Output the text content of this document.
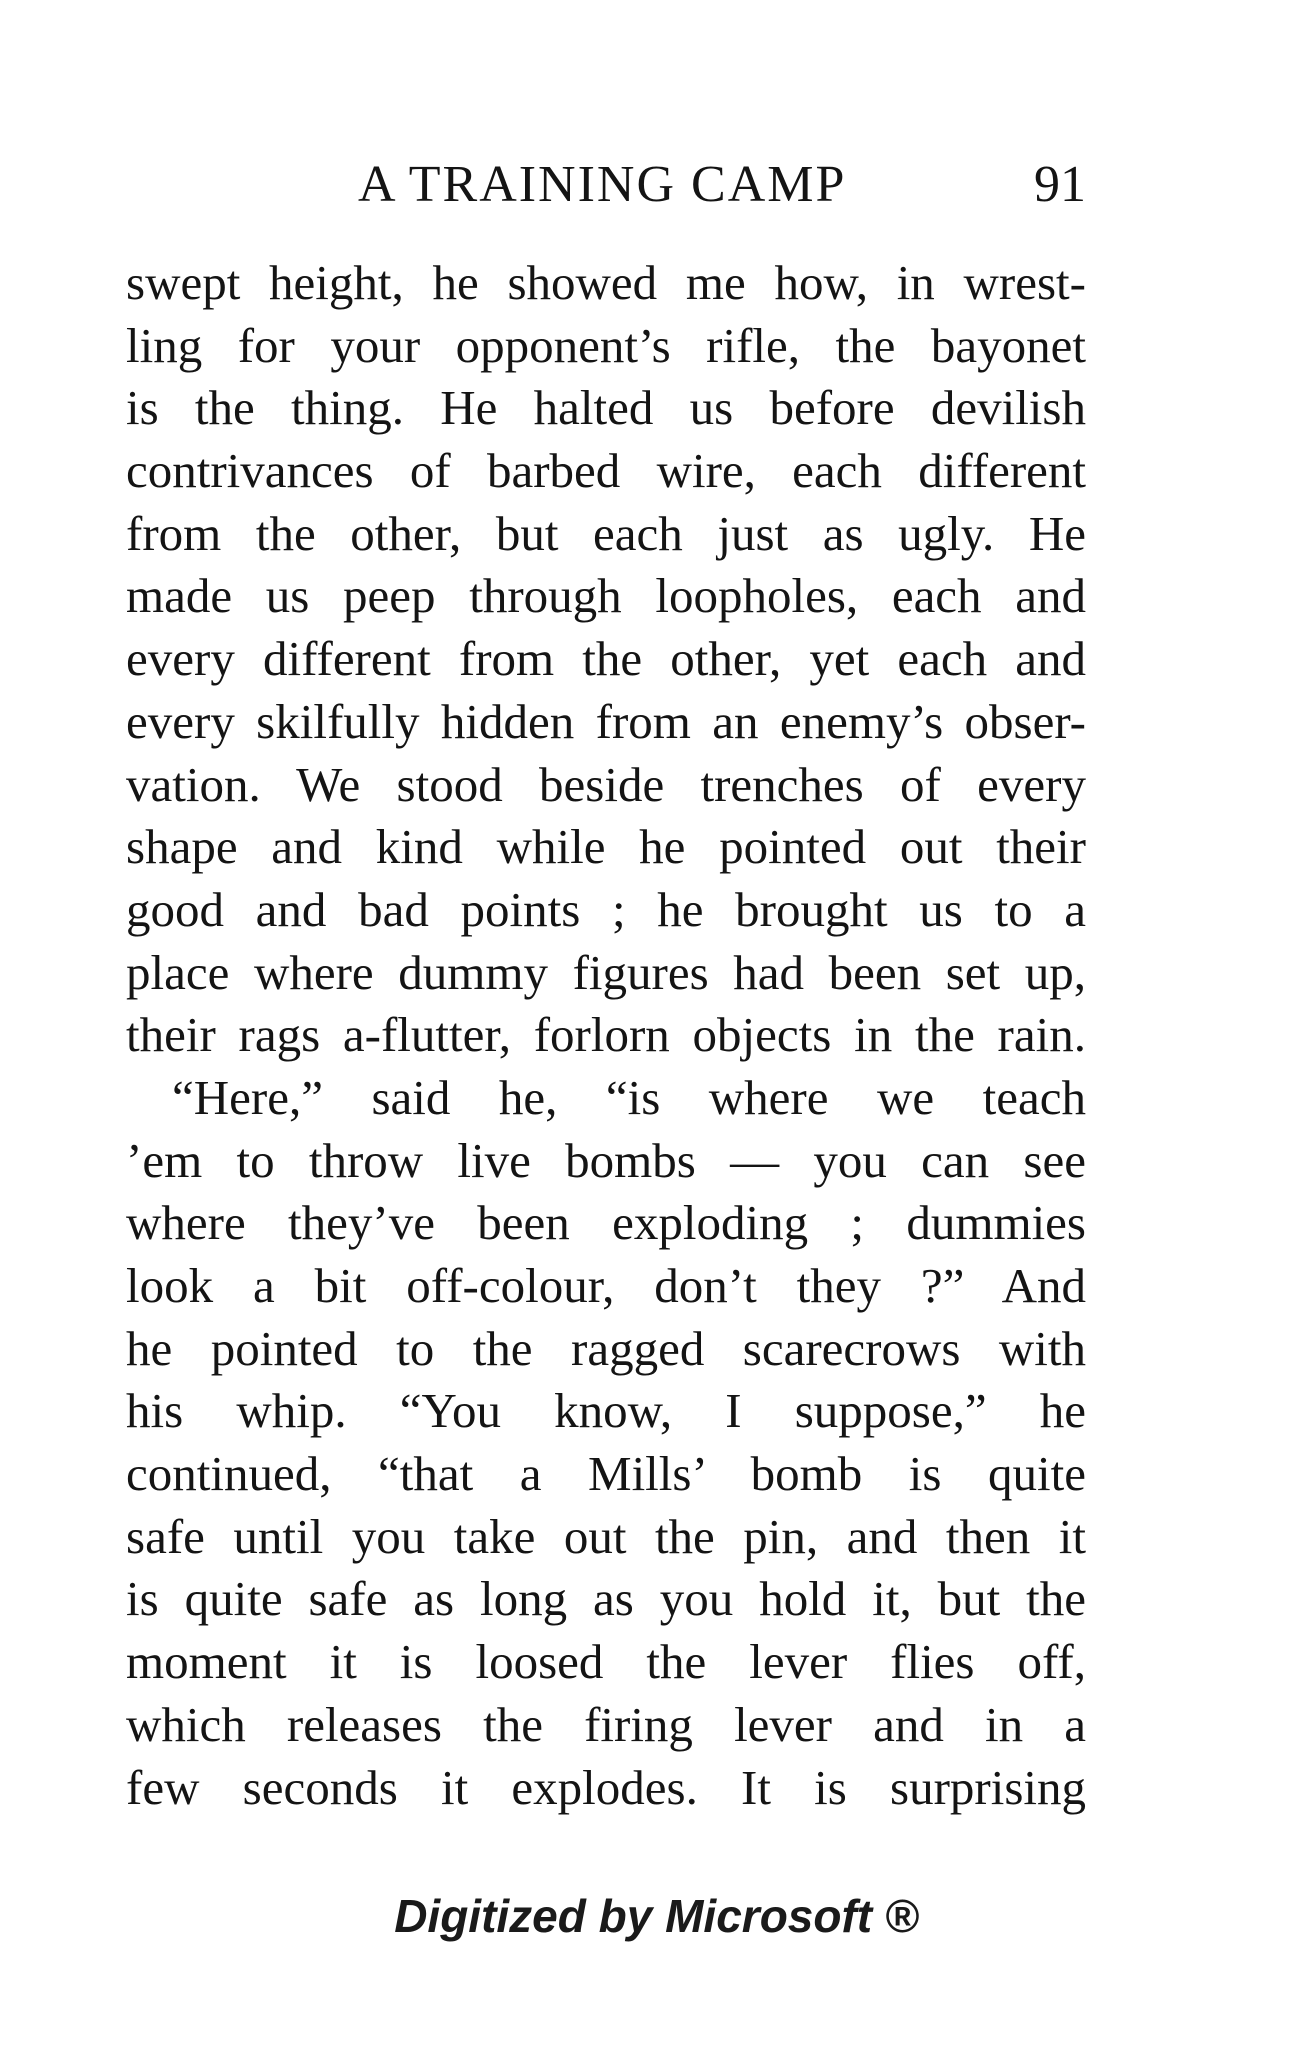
A TRAINING CAMP	91
swept height, he showed me how, in wrest-
ling for your opponent’s rifle, the bayonet
is the thing. He halted us before devilish
contrivances of barbed wire, each different
from the other, but each just as ugly. He
made us peep through loopholes, each and
every different from the other, yet each and
every skilfully hidden from an enemy’s obser-
vation. We stood beside trenches of every
shape and kind while he pointed out their
good and bad points ; he brought us to a
place where dummy figures had been set up,
their rags a-flutter, forlorn objects in the rain.
“Here,” said he, “is where we teach
’em to throw live bombs — you can see
where they’ve been exploding ; dummies
look a bit off-colour, don’t they ?” And
he pointed to the ragged scarecrows with
his whip. “You know, I suppose,” he
continued, “that a Mills’ bomb is quite
safe until you take out the pin, and then it
is quite safe as long as you hold it, but the
moment it is loosed the lever flies off,
which releases the firing lever and in a
few seconds it explodes. It is surprising
Digitized by Microsoft ®
